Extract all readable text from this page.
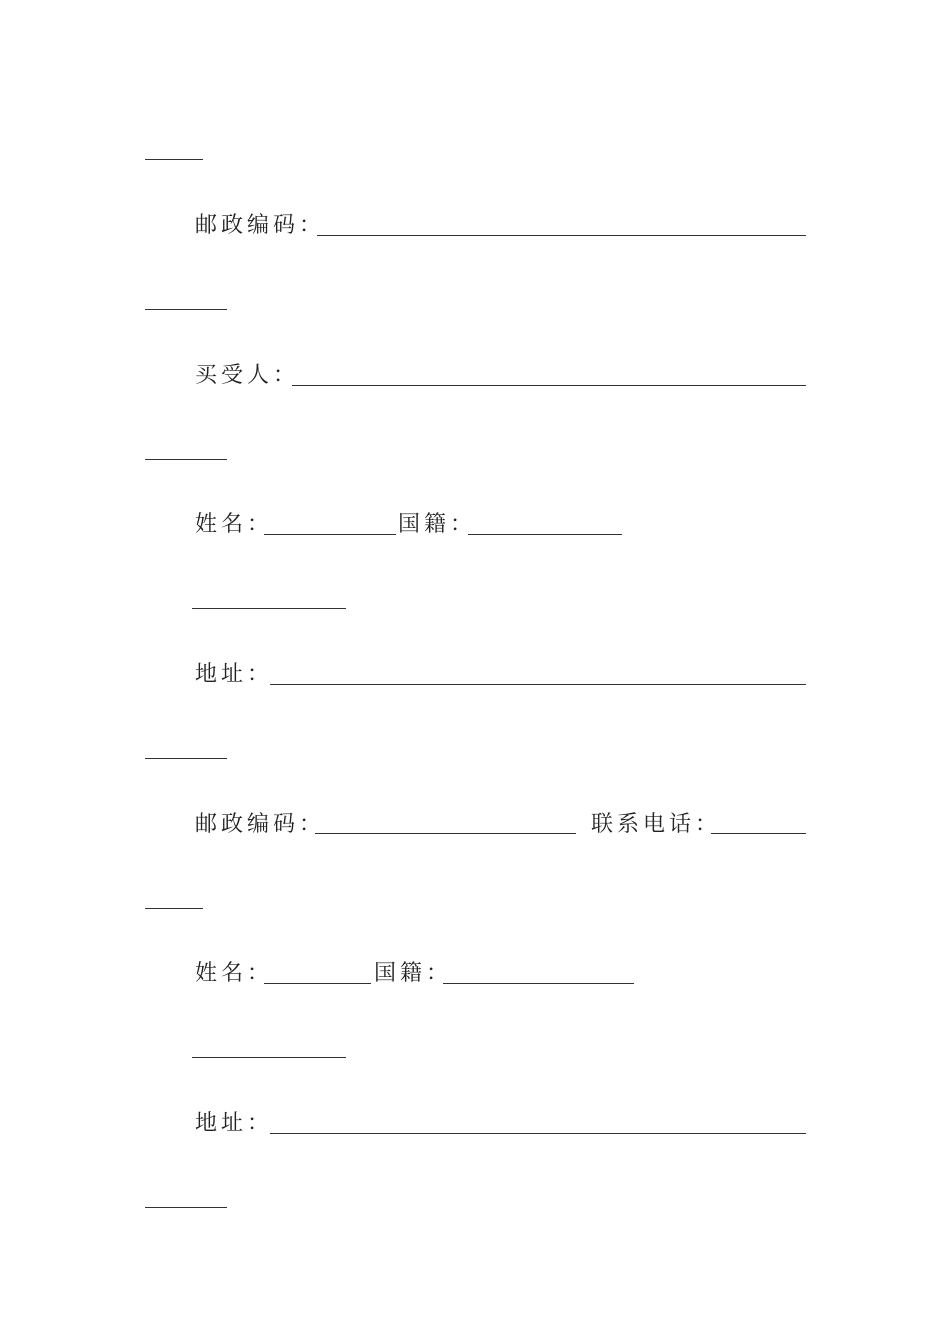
邮政编码：
买受人：
姓名：	国籍：
地址：
邮政编码：	联系电话：
姓名：	国籍：
地址：
